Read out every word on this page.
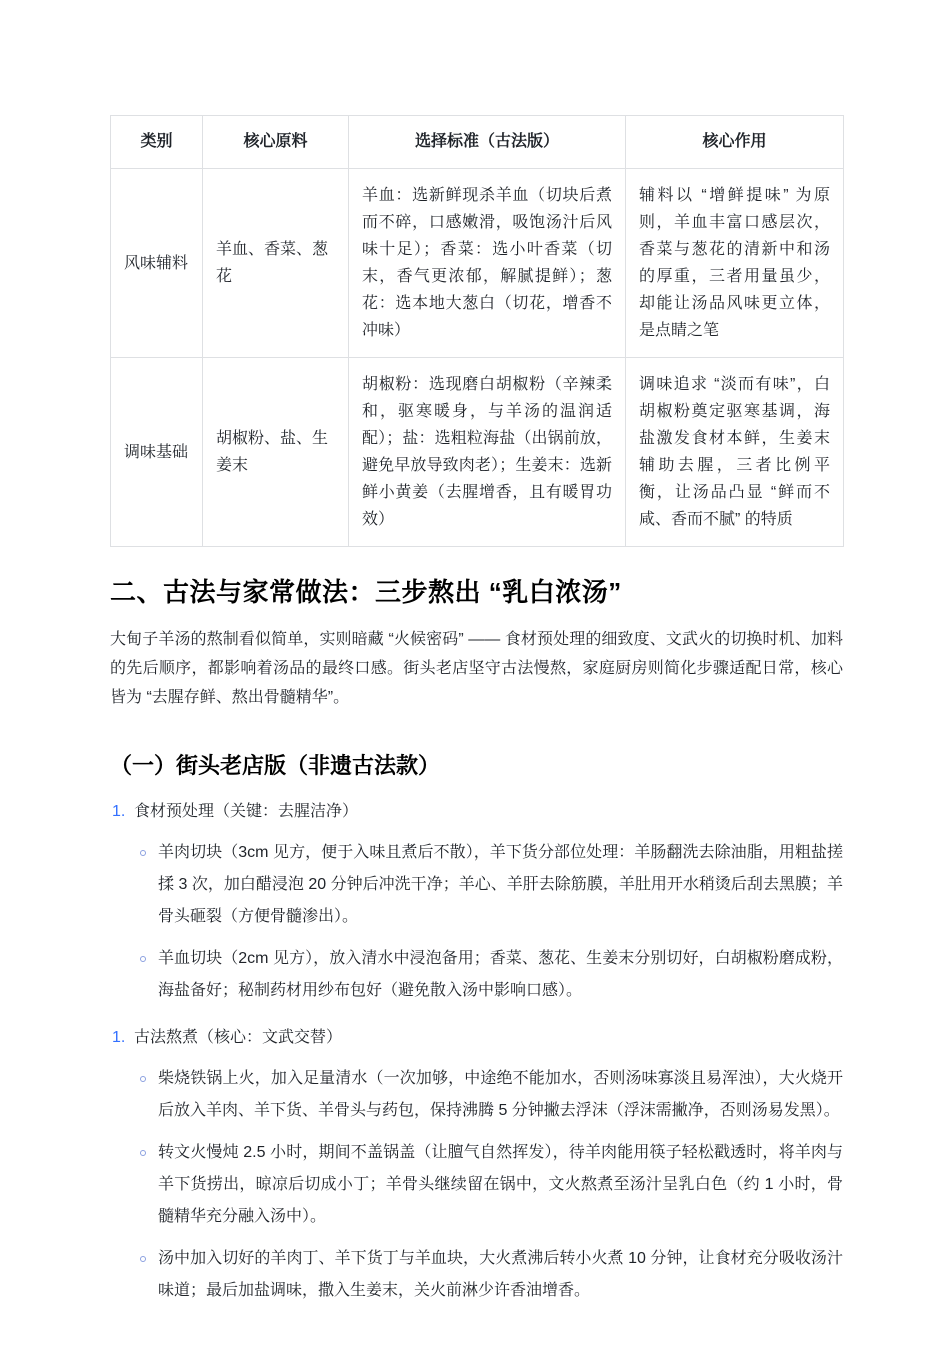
类别	核心原料	选择标准（古法版）	核心作用
风味辅料	羊血、香菜、葱花	羊血：选新鲜现杀羊血（切块后煮而不碎，口感嫩滑，吸饱汤汁后风味十足）；香菜：选小叶香菜（切末，香气更浓郁，解腻提鲜）；葱花：选本地大葱白（切花，增香不冲味）	辅料以 “增鲜提味” 为原则，羊血丰富口感层次，香菜与葱花的清新中和汤的厚重，三者用量虽少，却能让汤品风味更立体，是点睛之笔
调味基础	胡椒粉、盐、生姜末	胡椒粉：选现磨白胡椒粉（辛辣柔和，驱寒暖身，与羊汤的温润适配）；盐：选粗粒海盐（出锅前放，避免早放导致肉老）；生姜末：选新鲜小黄姜（去腥增香，且有暖胃功效）	调味追求 “淡而有味”，白胡椒粉奠定驱寒基调，海盐激发食材本鲜，生姜末辅助去腥，三者比例平衡，让汤品凸显 “鲜而不咸、香而不腻” 的特质
二、古法与家常做法：三步熬出 “乳白浓汤”

大甸子羊汤的熬制看似简单，实则暗藏 “火候密码” —— 食材预处理的细致度、文武火的切换时机、加料的先后顺序，都影响着汤品的最终口感。街头老店坚守古法慢熬，家庭厨房则简化步骤适配日常，核心皆为 “去腥存鲜、熬出骨髓精华”。

（一）街头老店版（非遗古法款）
1. 食材预处理（关键：去腥洁净）

羊肉切块（3cm 见方，便于入味且煮后不散），羊下货分部位处理：羊肠翻洗去除油脂，用粗盐搓揉 3 次，加白醋浸泡 20 分钟后冲洗干净；羊心、羊肝去除筋膜，羊肚用开水稍烫后刮去黑膜；羊骨头砸裂（方便骨髓渗出）。

羊血切块（2cm 见方），放入清水中浸泡备用；香菜、葱花、生姜末分别切好，白胡椒粉磨成粉，海盐备好；秘制药材用纱布包好（避免散入汤中影响口感）。

1. 古法熬煮（核心：文武交替）

柴烧铁锅上火，加入足量清水（一次加够，中途绝不能加水，否则汤味寡淡且易浑浊），大火烧开后放入羊肉、羊下货、羊骨头与药包，保持沸腾 5 分钟撇去浮沫（浮沫需撇净，否则汤易发黑）。

转文火慢炖 2.5 小时，期间不盖锅盖（让膻气自然挥发），待羊肉能用筷子轻松戳透时，将羊肉与羊下货捞出，晾凉后切成小丁；羊骨头继续留在锅中，文火熬煮至汤汁呈乳白色（约 1 小时，骨髓精华充分融入汤中）。

汤中加入切好的羊肉丁、羊下货丁与羊血块，大火煮沸后转小火煮 10 分钟，让食材充分吸收汤汁味道；最后加盐调味，撒入生姜末，关火前淋少许香油增香。
